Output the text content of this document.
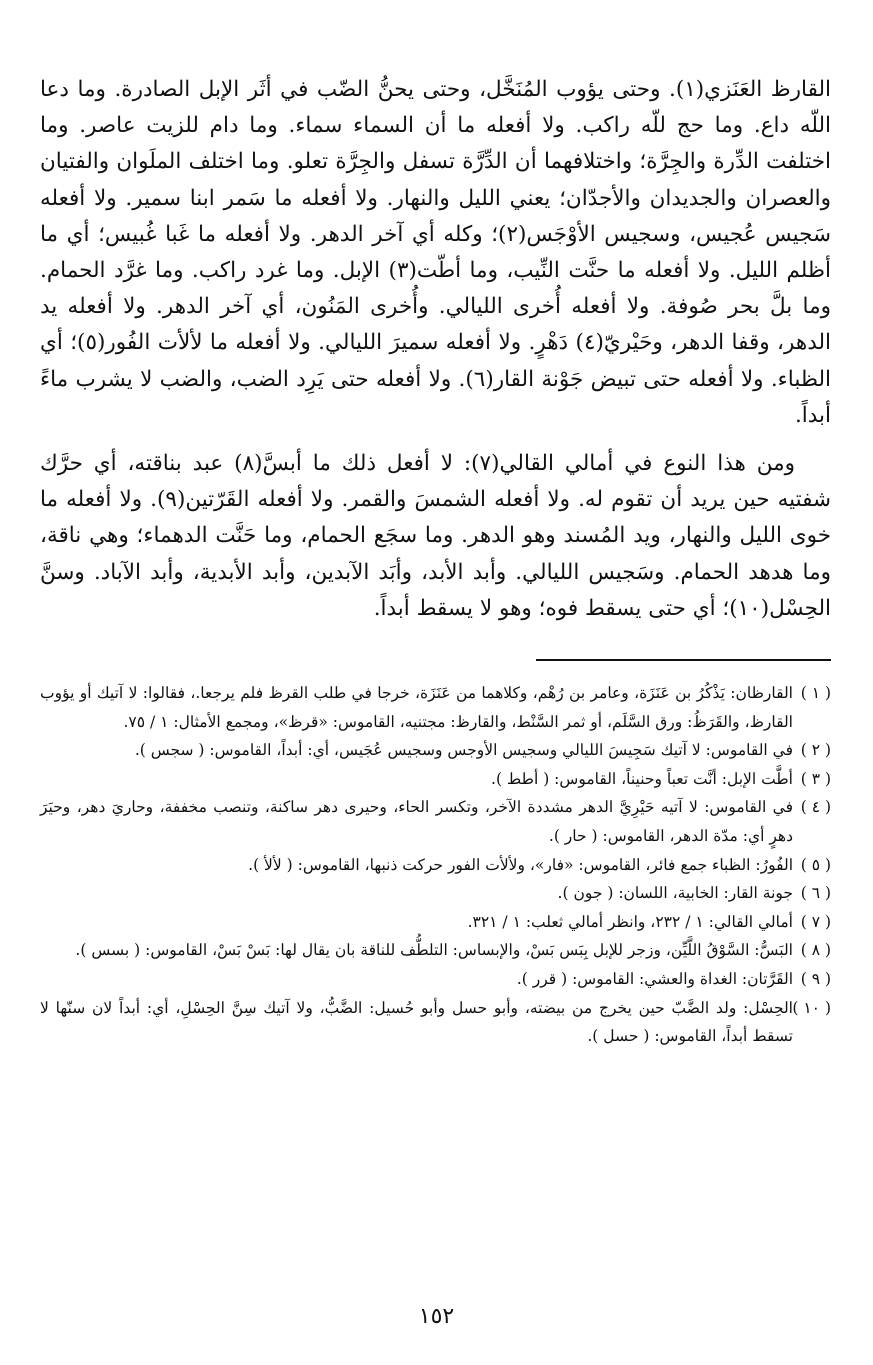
القارظ العَنَزي(١). وحتى يؤوب المُنَخَّل، وحتى يحنُّ الضّب في أثَر الإبل الصادرة. وما دعا اللّه داع. وما حج للّه راكب. ولا أفعله ما أن السماء سماء. وما دام للزيت عاصر. وما اختلفت الدِّرة والجِرَّة؛ واختلافهما أن الدِّرَّة تسفل والجِرَّة تعلو. وما اختلف الملَوان والفتيان والعصران والجديدان والأجدّان؛ يعني الليل والنهار. ولا أفعله ما سَمر ابنا سمير. ولا أفعله سَجيس عُجيس، وسجيس الأوْجَس(٢)؛ وكله أي آخر الدهر. ولا أفعله ما غَبا غُبيس؛ أي ما أظلم الليل. ولا أفعله ما حنَّت النِّيب، وما أطّت(٣) الإبل. وما غرد راكب. وما غرَّد الحمام. وما بلَّ بحر صُوفة. ولا أفعله أُخرى الليالي. وأُخرى المَنُون، أي آخر الدهر. ولا أفعله يد الدهر، وقفا الدهر، وحَيْريّ(٤) دَهْرٍ. ولا أفعله سميرَ الليالي. ولا أفعله ما لألأت الفُور(٥)؛ أي الظباء. ولا أفعله حتى تبيض جَوْنة القار(٦). ولا أفعله حتى يَرِد الضب، والضب لا يشرب ماءً أبداً.

ومن هذا النوع في أمالي القالي(٧): لا أفعل ذلك ما أبسَّ(٨) عبد بناقته، أي حرَّك شفتيه حين يريد أن تقوم له. ولا أفعله الشمسَ والقمر. ولا أفعله القَرّتين(٩). ولا أفعله ما خوى الليل والنهار، ويد المُسند وهو الدهر. وما سجَع الحمام، وما حَنَّت الدهماء؛ وهي ناقة، وما هدهد الحمام. وسَجيس الليالي. وأبد الأبد، وأبَد الآبدين، وأبد الأبدية، وأبد الآباد. وسنَّ الحِسْل(١٠)؛ أي حتى يسقط فوه؛ وهو لا يسقط أبداً.

( ١ )
القارظان: يَذْكُرُ بن عَنَزَة، وعامر بن رُهْم، وكلاهما من عَنَزَة، خرجا في طلب القرظ فلم يرجعا.، فقالوا: لا آتيك أو يؤوب القارظ، والقَرَظُ: ورق السَّلَم، أو ثمر السَّنْط، والقارظ: مجتنيه، القاموس: «قرظ»، ومجمع الأمثال: ١ / ٧٥.

( ٢ )
في القاموس: لا آتيك سَجِيسَ الليالي وسجيس الأوجس وسجيس عُجَيس، أي: أبداً، القاموس: ( سجس ).

( ٣ )
أطَّت الإبل: أنَّت تعباً وحنيناً، القاموس: ( أطط ).

( ٤ )
في القاموس: لا آتيه حَيْرِيَّ الدهر مشددة الآخر، وتكسر الحاء، وحيرى دهر ساكنة، وتنصب مخففة، وحاريَ دهر، وحيَرَ دهرٍ أي: مدّة الدهر، القاموس: ( حار ).

( ٥ )
الفُورُ: الظباء جمع فائر، القاموس: «فار»، ولألأت الفور حركت ذنبها، القاموس: ( لألأ ).

( ٦ )
جونة القار: الخابية، اللسان: ( جون ).

( ٧ )
أمالي القالي: ١ / ٢٣٢، وانظر أمالي ثعلب: ١ / ٣٢١.

( ٨ )
البَسُّ: السَّوْقُ اللَّيِّن، وزجر للإبل بِبَس بَسْ، والإبساس: التلطُّف للناقة بان يقال لها: بَسْ بَسْ، القاموس: ( بسس ).

( ٩ )
القَرَّتان: الغداة والعشي: القاموس: ( قرر ).

( ١٠ )
الحِسْل: ولد الضَّبّ حين يخرج من بيضته، وأبو حسل وأبو حُسيل: الضَّبُّ، ولا آتيك سِنَّ الحِسْلِ، أي: أبداً لان سنّها لا تسقط أبداً، القاموس: ( حسل ).

١٥٢
